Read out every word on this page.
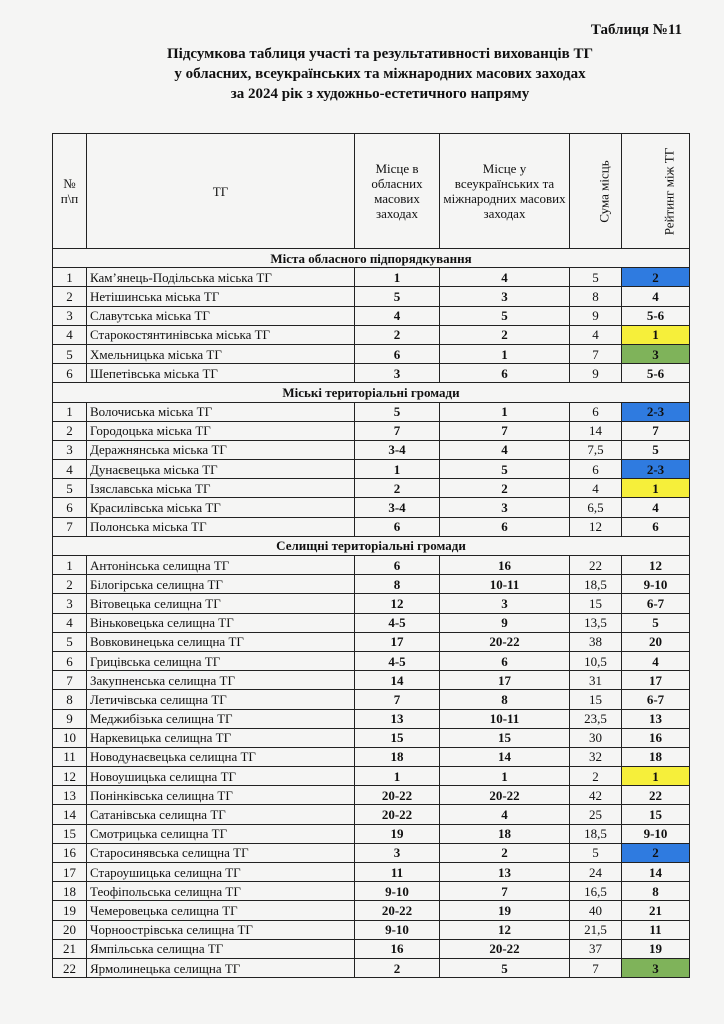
Таблиця №11
Підсумкова таблиця участі та результативності вихованців ТГ
у обласних, всеукраїнських та міжнародних масових заходах
за 2024 рік з художньо-естетичного напряму
№ п\п	ТГ	Місце в обласних масових заходах	Місце у всеукраїнських та міжнародних масових заходах	Сума місць	Рейтинг між ТГ
Міста обласного підпорядкування					
1	Кам’янець-Подільська міська ТГ	1	4	5	2
2	Нетішинська міська ТГ	5	3	8	4
3	Славутська міська ТГ	4	5	9	5-6
4	Старокостянтинівська міська ТГ	2	2	4	1
5	Хмельницька міська ТГ	6	1	7	3
6	Шепетівська міська ТГ	3	6	9	5-6
Міські територіальні громади					
1	Волочиська міська ТГ	5	1	6	2-3
2	Городоцька міська ТГ	7	7	14	7
3	Деражнянська міська ТГ	3-4	4	7,5	5
4	Дунаєвецька міська ТГ	1	5	6	2-3
5	Ізяславська міська ТГ	2	2	4	1
6	Красилівська міська ТГ	3-4	3	6,5	4
7	Полонська міська ТГ	6	6	12	6
Селищні територіальні громади					
1	Антонінська селищна ТГ	6	16	22	12
2	Білогірська селищна ТГ	8	10-11	18,5	9-10
3	Вітовецька селищна ТГ	12	3	15	6-7
4	Віньковецька селищна ТГ	4-5	9	13,5	5
5	Вовковинецька селищна ТГ	17	20-22	38	20
6	Грицівська селищна ТГ	4-5	6	10,5	4
7	Закупненська селищна ТГ	14	17	31	17
8	Летичівська селищна ТГ	7	8	15	6-7
9	Меджибізька селищна ТГ	13	10-11	23,5	13
10	Наркевицька селищна ТГ	15	15	30	16
11	Новодунаєвецька селищна ТГ	18	14	32	18
12	Новоушицька селищна ТГ	1	1	2	1
13	Понінківська селищна ТГ	20-22	20-22	42	22
14	Сатанівська селищна ТГ	20-22	4	25	15
15	Смотрицька селищна ТГ	19	18	18,5	9-10
16	Старосинявська селищна ТГ	3	2	5	2
17	Староушицька селищна ТГ	11	13	24	14
18	Теофіпольська селищна ТГ	9-10	7	16,5	8
19	Чемеровецька селищна ТГ	20-22	19	40	21
20	Чорноострівська селищна ТГ	9-10	12	21,5	11
21	Ямпільська селищна ТГ	16	20-22	37	19
22	Ярмолинецька селищна ТГ	2	5	7	3
